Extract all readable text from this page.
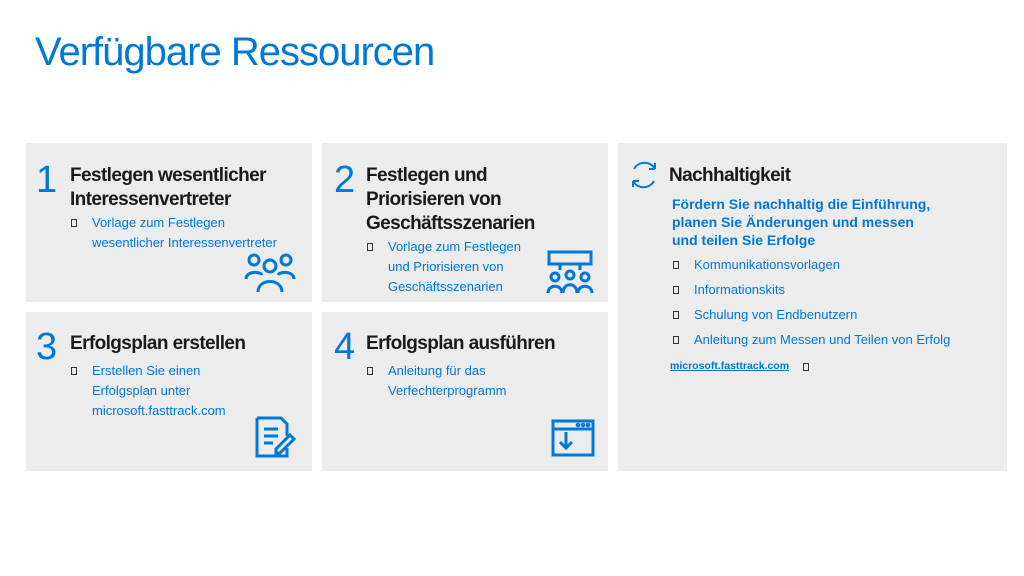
Verfügbare Ressourcen
1 Festlegen wesentlicher
Interessenvertreter
Vorlage zum Festlegen
wesentlicher Interessenvertreter
2 Festlegen und
Priorisieren von
Geschäftsszenarien
Vorlage zum Festlegen
und Priorisieren von
Geschäftsszenarien
3 Erfolgsplan erstellen
Erstellen Sie einen
Erfolgsplan unter
microsoft.fasttrack.com
4 Erfolgsplan ausführen
Anleitung für das
Verfechterprogramm
Nachhaltigkeit
Fördern Sie nachhaltig die Einführung,
planen Sie Änderungen und messen
und teilen Sie Erfolge
Kommunikationsvorlagen
Informationskits
Schulung von Endbenutzern
Anleitung zum Messen und Teilen von Erfolg
microsoft.fasttrack.com
